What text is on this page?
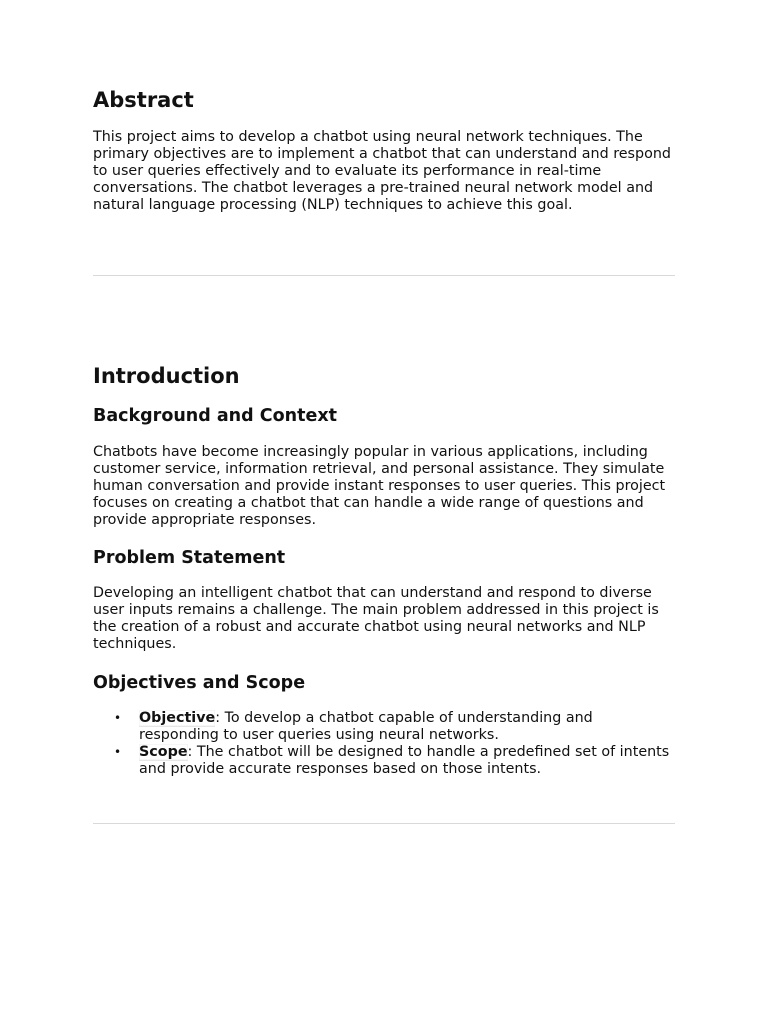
Abstract

This project aims to develop a chatbot using neural network techniques. The primary objectives are to implement a chatbot that can understand and respond to user queries effectively and to evaluate its performance in real-time conversations. The chatbot leverages a pre-trained neural network model and natural language processing (NLP) techniques to achieve this goal.

Introduction
Background and Context

Chatbots have become increasingly popular in various applications, including customer service, information retrieval, and personal assistance. They simulate human conversation and provide instant responses to user queries. This project focuses on creating a chatbot that can handle a wide range of questions and provide appropriate responses.

Problem Statement

Developing an intelligent chatbot that can understand and respond to diverse user inputs remains a challenge. The main problem addressed in this project is the creation of a robust and accurate chatbot using neural networks and NLP techniques.

Objectives and Scope
• Objective: To develop a chatbot capable of understanding and responding to user queries using neural networks.
• Scope: The chatbot will be designed to handle a predefined set of intents and provide accurate responses based on those intents.
